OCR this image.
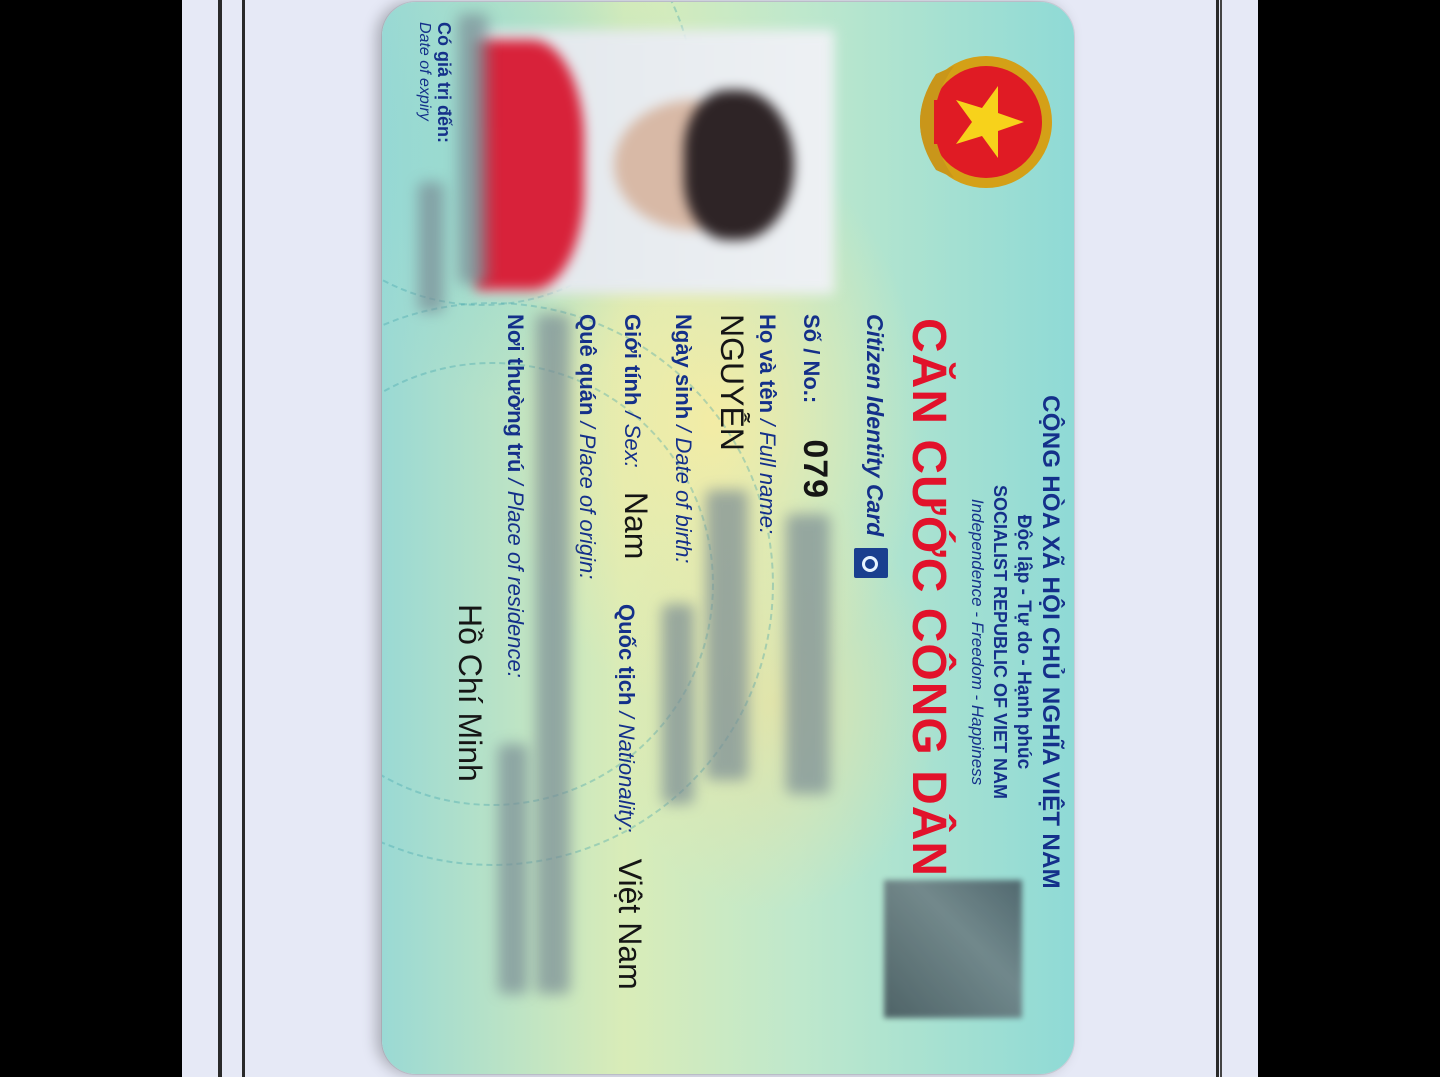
CỘNG HÒA XÃ HỘI CHỦ NGHĨA VIỆT NAM
Độc lập - Tự do - Hạnh phúc
SOCIALIST REPUBLIC OF VIET NAM
Independence - Freedom - Happiness
CĂN CƯỚC CÔNG DÂN
Citizen Identity Card
Có giá trị đến:
Date of expiry
Số / No.: 079
Họ và tên / Full name:
NGUYỄN
Ngày sinh / Date of birth:
Giới tính / Sex: Nam
Quốc tịch / Nationality: Việt Nam
Quê quán / Place of origin:
Nơi thường trú / Place of residence:
Hồ Chí Minh
